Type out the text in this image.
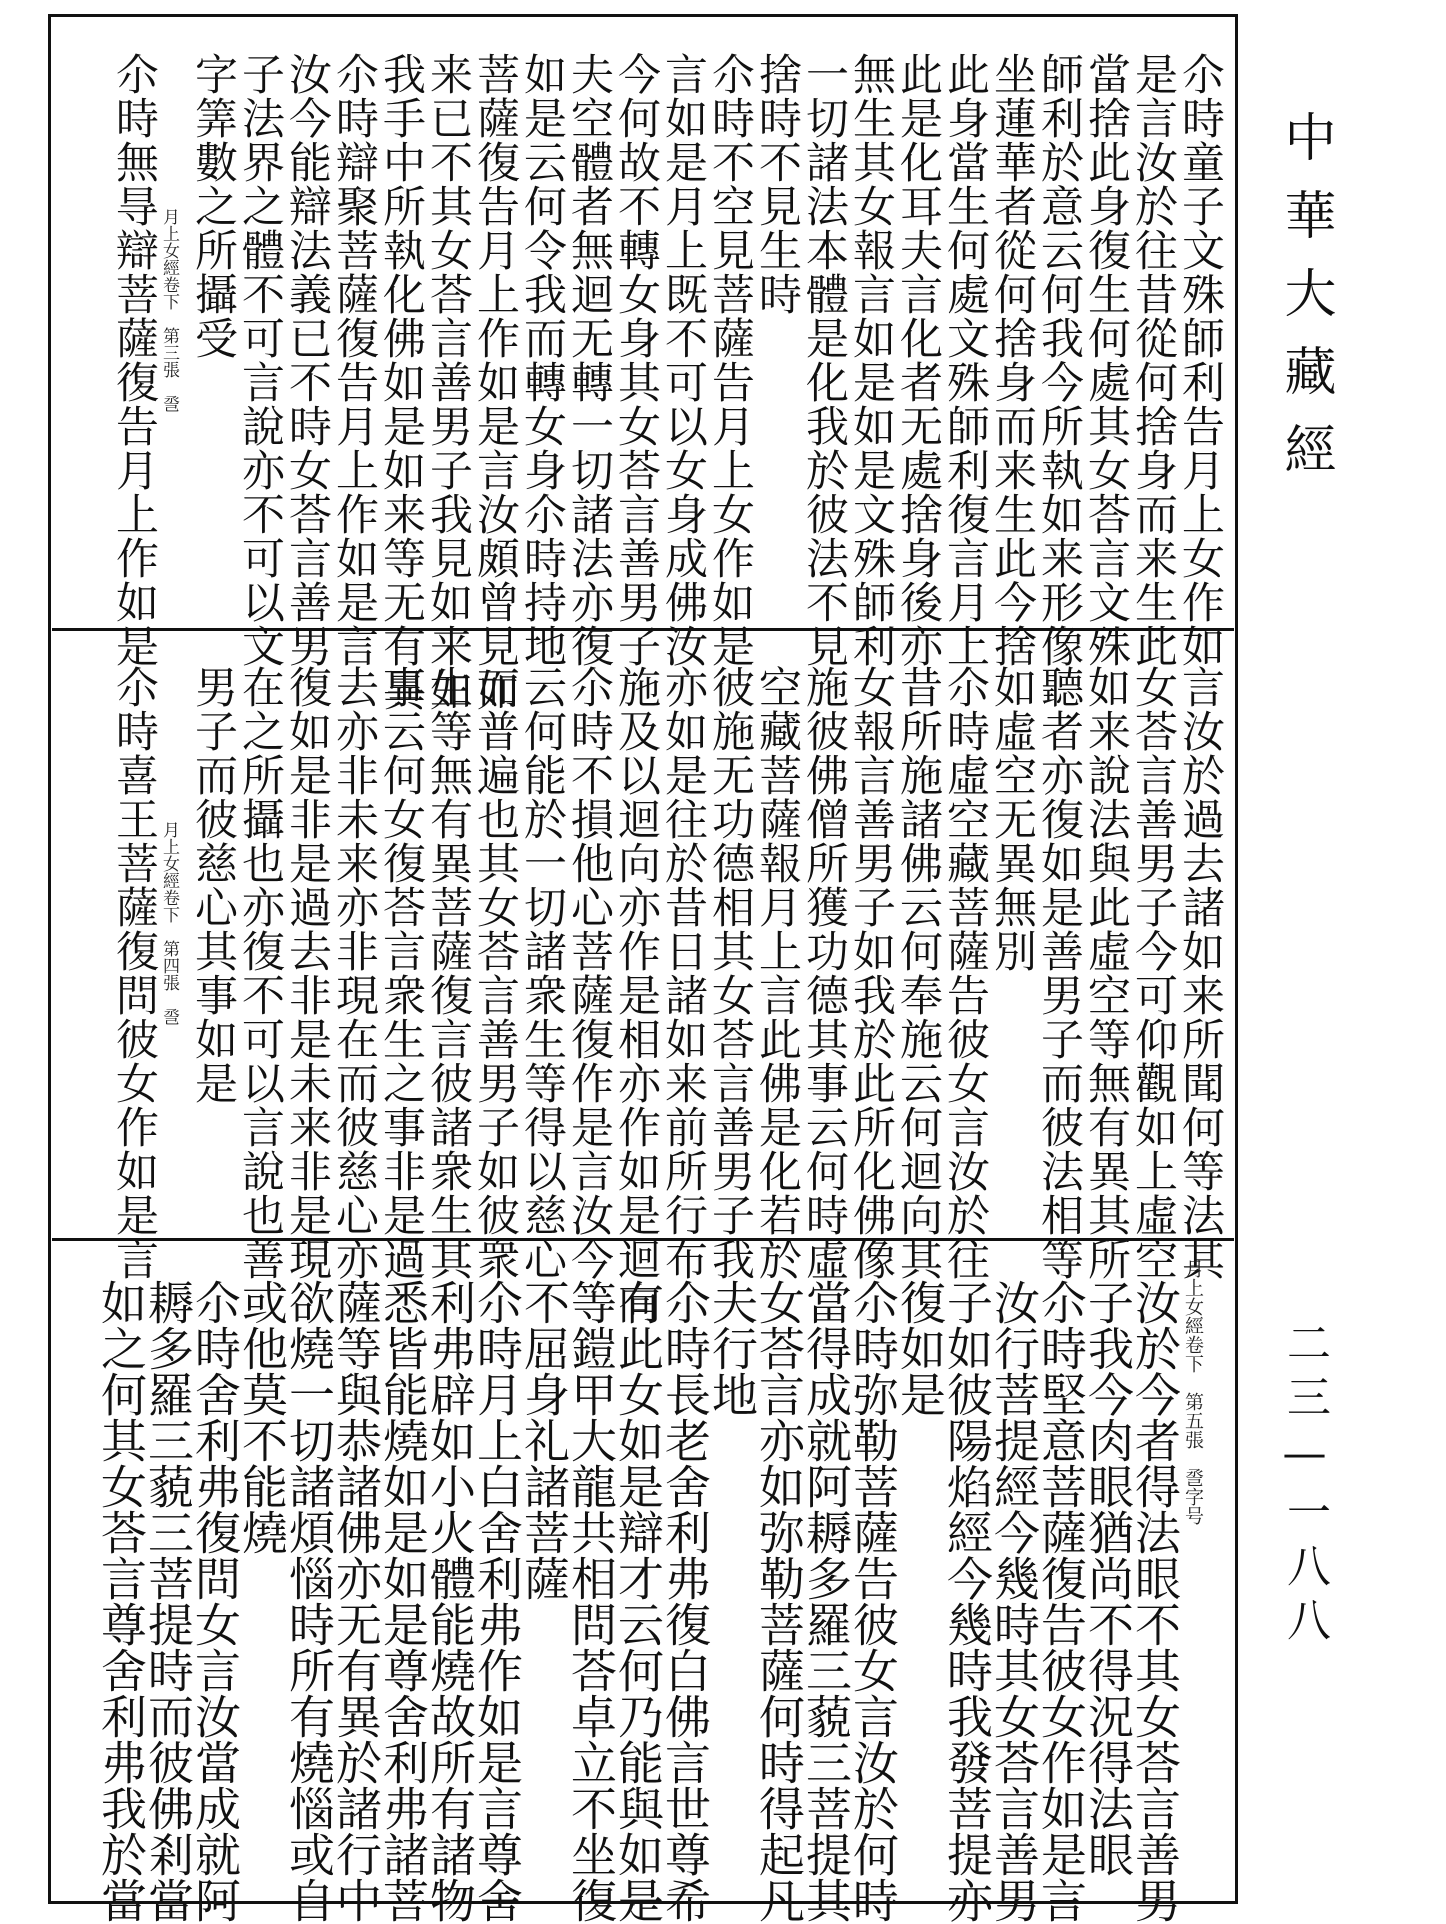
尒時童子文殊師利告月上女作如
是言汝於往昔從何捨身而来生此
當捨此身復生何處其女荅言文殊
師利於意云何我今所執如来形像
坐蓮華者從何捨身而来生此今捨
此身當生何處文殊師利復言月上
此是化耳夫言化者无處捨身後亦
無生其女報言如是如是文殊師利
一切諸法本體是化我於彼法不見
捨時不見生時
尒時不空見菩薩告月上女作如是
言如是月上既不可以女身成佛汝
今何故不轉女身其女荅言善男子
夫空體者無迴无轉一切諸法亦復
如是云何令我而轉女身尒時持地
菩薩復告月上作如是言汝頗曾見如
来已不其女荅言善男子我見如来如
我手中所執化佛如是如来等无有異
尒時辯聚菩薩復告月上作如是言
汝今能辯法義已不時女荅言善男
子法界之體不可言說亦不可以文
字筭數之所攝受
月上女經卷下　第三張　巹
尒時無㝵辯菩薩復告月上作如是
言汝於過去諸如来所聞何等法其
女荅言善男子今可仰觀如上虛空
如来說法與此虛空等無有異其所
聽者亦復如是善男子而彼法相等
如虛空无異無別
尒時虛空藏菩薩告彼女言汝於往
昔所施諸佛云何奉施云何迴向其
女報言善男子如我於此所化佛像
施彼佛僧所獲功德其事云何時虛
空藏菩薩報月上言此佛是化若於
彼施无功德相其女荅言善男子我
亦如是往於昔日諸如来前所行布
施及以迴向亦作是相亦作如是迴向
尒時不損他心菩薩復作是言汝今
云何能於一切諸衆生等得以慈心
而普遍也其女荅言善男子如彼衆
生等無有異菩薩復言彼諸衆生其
事云何女復荅言衆生之事非是過
去亦非未来亦非現在而彼慈心亦
復如是非是過去非是未来非是現
在之所攝也亦復不可以言說也善
男子而彼慈心其事如是
月上女經卷下　第四張　巹
尒時喜王菩薩復問彼女作如是言
月上女經卷下　第五張　巹字号
汝於今者得法眼不其女荅言善男
子我今肉眼猶尚不得況得法眼
尒時堅意菩薩復告彼女作如是言
汝行菩提經今幾時其女荅言善男
子如彼陽焰經今幾時我發菩提亦
復如是
尒時弥勒菩薩告彼女言汝於何時
當得成就阿耨多羅三藐三菩提其
女荅言亦如弥勒菩薩何時得起凡
夫行地
尒時長老舍利弗復白佛言世尊希
有此女如是辯才云何乃能與如是
等鎧甲大龍共相問荅卓立不坐復
不屈身礼諸菩薩
尒時月上白舍利弗作如是言尊舍
利弗辟如小火體能燒故所有諸物
悉皆能燒如是如是尊舍利弗諸菩
薩等與恭諸佛亦无有異於諸行中
欲燒一切諸煩惱時所有燒惱或自
或他莫不能燒
尒時舍利弗復問女言汝當成就阿
耨多羅三藐三菩提時而彼佛剎當
如之何其女荅言尊舍利弗我於當
中華大藏經
二三—一八八
